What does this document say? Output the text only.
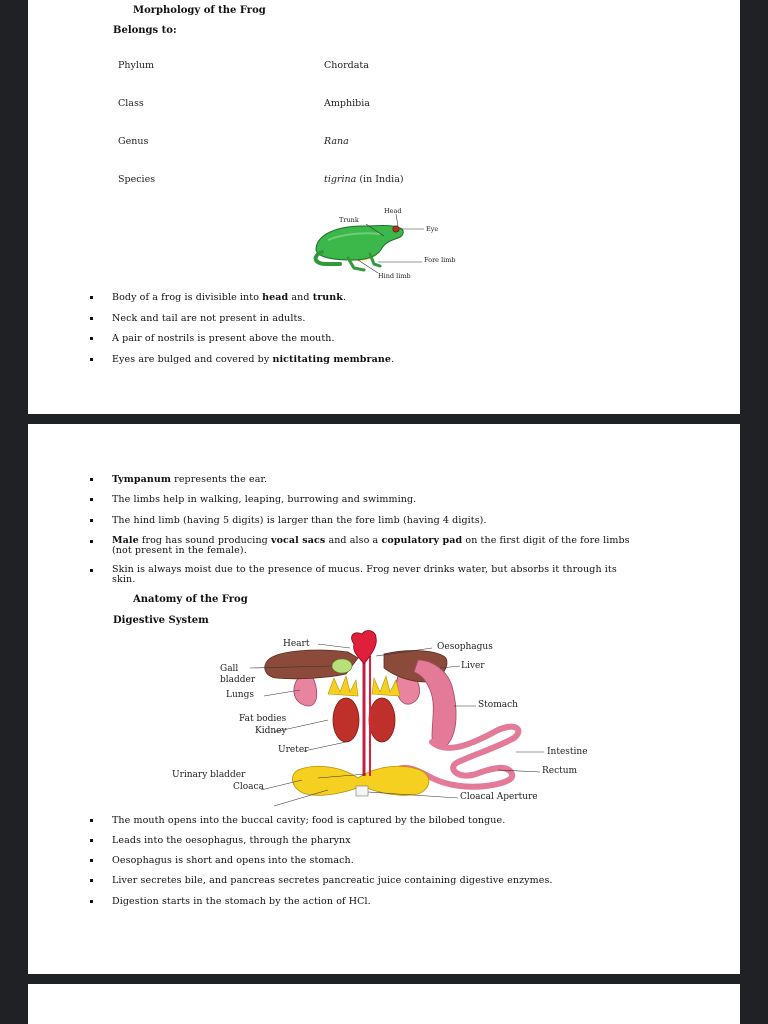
Morphology of the Frog
Belongs to:
Phylum	Chordata
Class	Amphibia
Genus	Rana
Species	tigrina (in India)
Head
Trunk
Eye
Fore limb
Hind limb
Body of a frog is divisible into head and trunk.
Neck and tail are not present in adults.
A pair of nostrils is present above the mouth.
Eyes are bulged and covered by nictitating membrane.
Tympanum represents the ear.
The limbs help in walking, leaping, burrowing and swimming.
The hind limb (having 5 digits) is larger than the fore limb (having 4 digits).
Male frog has sound producing vocal sacs and also a copulatory pad on the first digit of the fore limbs (not present in the female).
Skin is always moist due to the presence of mucus. Frog never drinks water, but absorbs it through its skin.
Anatomy of the Frog
Digestive System
Heart
Gall
bladder
Lungs
Fat bodies
Kidney
Ureter
Urinary bladder
Cloaca
Oesophagus
Liver
Stomach
Intestine
Rectum
Cloacal Aperture
The mouth opens into the buccal cavity; food is captured by the bilobed tongue.
Leads into the oesophagus, through the pharynx
Oesophagus is short and opens into the stomach.
Liver secretes bile, and pancreas secretes pancreatic juice containing digestive enzymes.
Digestion starts in the stomach by the action of HCl.
